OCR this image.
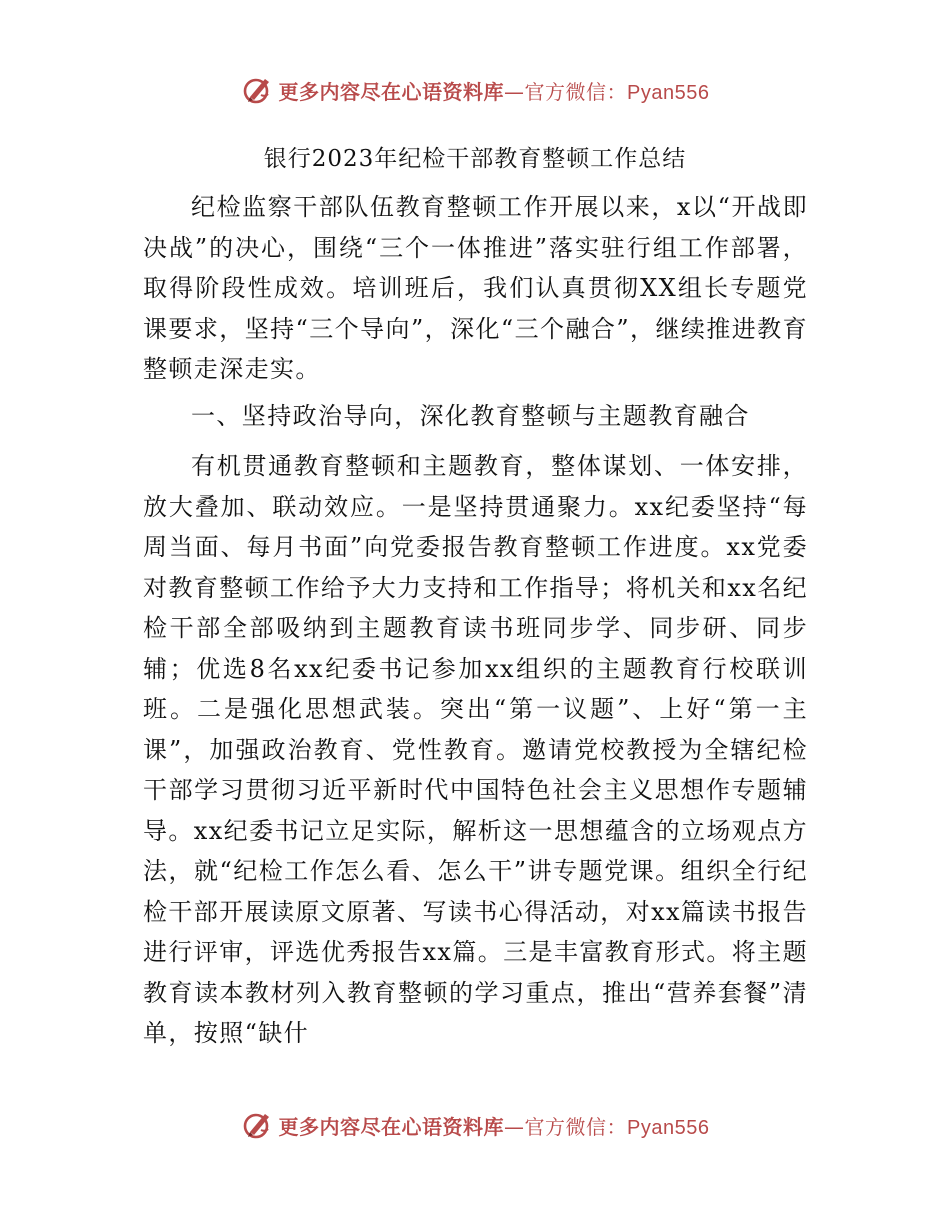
更多内容尽在心语资料库—官方微信：Pyan556
银行2023年纪检干部教育整顿工作总结

纪检监察干部队伍教育整顿工作开展以来，x以“开战即决战”的决心，围绕“三个一体推进”落实驻行组工作部署，取得阶段性成效。培训班后，我们认真贯彻XX组长专题党课要求，坚持“三个导向”，深化“三个融合”，继续推进教育整顿走深走实。

一、坚持政治导向，深化教育整顿与主题教育融合

有机贯通教育整顿和主题教育，整体谋划、一体安排，放大叠加、联动效应。一是坚持贯通聚力。xx纪委坚持“每周当面、每月书面”向党委报告教育整顿工作进度。xx党委对教育整顿工作给予大力支持和工作指导；将机关和xx名纪检干部全部吸纳到主题教育读书班同步学、同步研、同步辅；优选8名xx纪委书记参加xx组织的主题教育行校联训班。二是强化思想武装。突出“第一议题”、上好“第一主课”，加强政治教育、党性教育。邀请党校教授为全辖纪检干部学习贯彻习近平新时代中国特色社会主义思想作专题辅导。xx纪委书记立足实际，解析这一思想蕴含的立场观点方法，就“纪检工作怎么看、怎么干”讲专题党课。组织全行纪检干部开展读原文原著、写读书心得活动，对xx篇读书报告进行评审，评选优秀报告xx篇。三是丰富教育形式。将主题教育读本教材列入教育整顿的学习重点，推出“营养套餐”清单，按照“缺什

更多内容尽在心语资料库—官方微信：Pyan556
